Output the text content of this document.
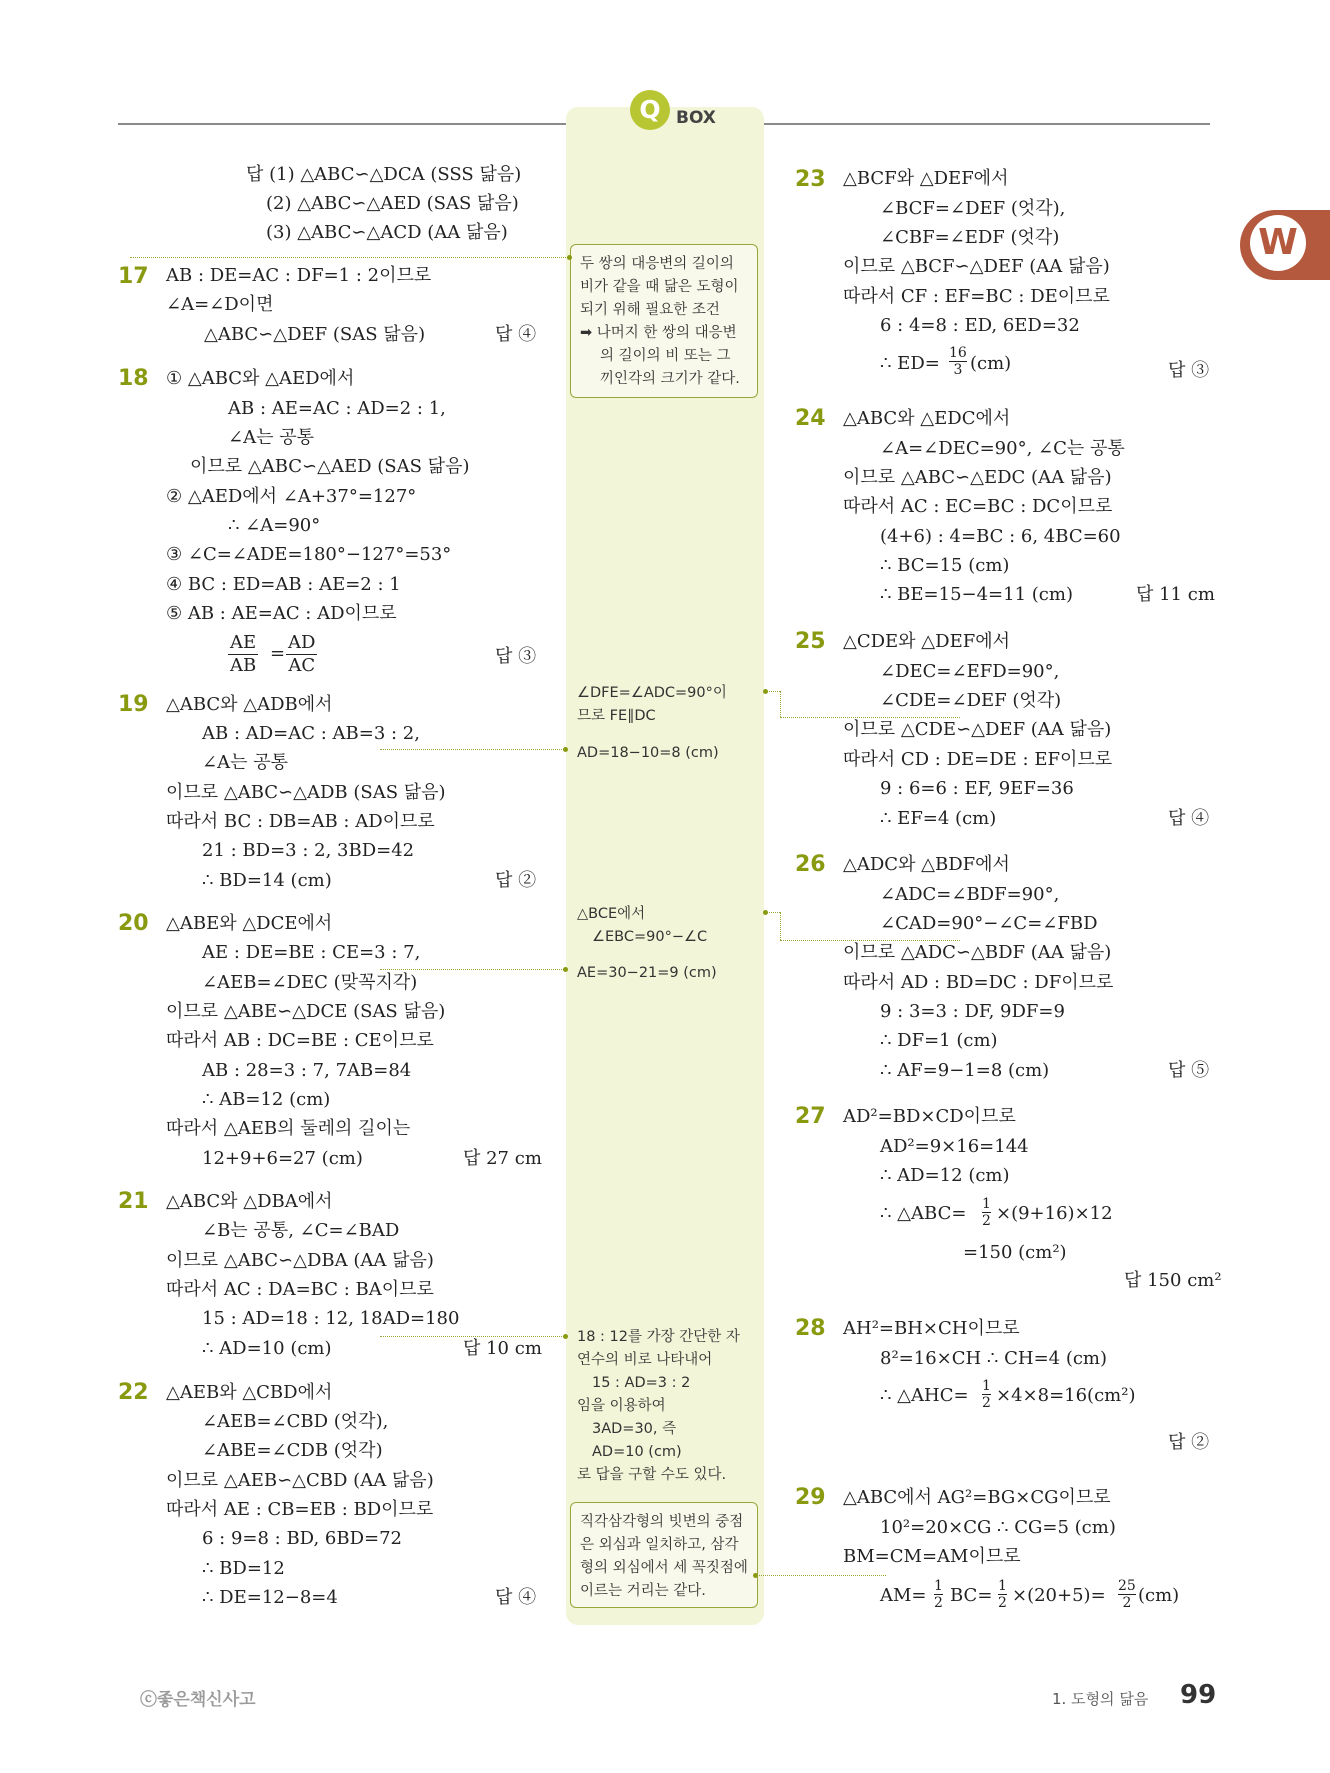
Q BOX
W
답 (1) △ABC∽△DCA (SSS 닮음)
(2) △ABC∽△AED (SAS 닮음)
(3) △ABC∽△ACD (AA 닮음)
AB : DE=AC : DF=1 : 2이므로
∠A=∠D이면
△ABC∽△DEF (SAS 닮음)
① △ABC와 △AED에서
AB : AE=AC : AD=2 : 1,
∠A는 공통
이므로 △ABC∽△AED (SAS 닮음)
② △AED에서 ∠A+37°=127°
∴ ∠A=90°
③ ∠C=∠ADE=180°−127°=53°
④ BC : ED=AB : AE=2 : 1
⑤ AB : AE=AC : AD이므로
△ABC와 △ADB에서
AB : AD=AC : AB=3 : 2,
∠A는 공통
이므로 △ABC∽△ADB (SAS 닮음)
따라서 BC : DB=AB : AD이므로
21 : BD=3 : 2, 3BD=42
∴ BD=14 (cm)
△ABE와 △DCE에서
AE : DE=BE : CE=3 : 7,
∠AEB=∠DEC (맞꼭지각)
이므로 △ABE∽△DCE (SAS 닮음)
따라서 AB : DC=BE : CE이므로
AB : 28=3 : 7, 7AB=84
∴ AB=12 (cm)
따라서 △AEB의 둘레의 길이는
12+9+6=27 (cm)
△ABC와 △DBA에서
∠B는 공통, ∠C=∠BAD
이므로 △ABC∽△DBA (AA 닮음)
따라서 AC : DA=BC : BA이므로
15 : AD=18 : 12, 18AD=180
∴ AD=10 (cm)
△AEB와 △CBD에서
∠AEB=∠CBD (엇각),
∠ABE=∠CDB (엇각)
이므로 △AEB∽△CBD (AA 닮음)
따라서 AE : CB=EB : BD이므로
6 : 9=8 : BD, 6BD=72
∴ BD=12
∴ DE=12−8=4
답 ④
답 ③
답 ②
답 27 cm
답 10 cm
답 ④
17
18
19
20
21
22
23
24
25
26
27
28
29
△BCF와 △DEF에서
∠BCF=∠DEF (엇각),
∠CBF=∠EDF (엇각)
이므로 △BCF∽△DEF (AA 닮음)
따라서 CF : EF=BC : DE이므로
6 : 4=8 : ED, 6ED=32
△ABC와 △EDC에서
∠A=∠DEC=90°, ∠C는 공통
이므로 △ABC∽△EDC (AA 닮음)
따라서 AC : EC=BC : DC이므로
(4+6) : 4=BC : 6, 4BC=60
∴ BC=15 (cm)
∴ BE=15−4=11 (cm)
△CDE와 △DEF에서
∠DEC=∠EFD=90°,
∠CDE=∠DEF (엇각)
이므로 △CDE∽△DEF (AA 닮음)
따라서 CD : DE=DE : EF이므로
9 : 6=6 : EF, 9EF=36
∴ EF=4 (cm)
△ADC와 △BDF에서
∠ADC=∠BDF=90°,
∠CAD=90°−∠C=∠FBD
이므로 △ADC∽△BDF (AA 닮음)
따라서 AD : BD=DC : DF이므로
9 : 3=3 : DF, 9DF=9
∴ DF=1 (cm)
∴ AF=9−1=8 (cm)
AD²=BD×CD이므로
AD²=9×16=144
∴ AD=12 (cm)
=150 (cm²)
AH²=BH×CH이므로
8²=16×CH ∴ CH=4 (cm)
△ABC에서 AG²=BG×CG이므로
10²=20×CG ∴ CG=5 (cm)
BM=CM=AM이므로
답 ③
답 11 cm
답 ④
답 ⑤
답 150 cm²
답 ②
두 쌍의 대응변의 길이의
비가 같을 때 닮은 도형이
되기 위해 필요한 조건
➡ 나머지 한 쌍의 대응변
의 길이의 비 또는 그
끼인각의 크기가 같다.
∠DFE=∠ADC=90°이
므로 FE∥DC
AD=18−10=8 (cm)
△BCE에서
∠EBC=90°−∠C
AE=30−21=9 (cm)
18 : 12를 가장 간단한 자
연수의 비로 나타내어
15 : AD=3 : 2
임을 이용하여
3AD=30, 즉
AD=10 (cm)
로 답을 구할 수도 있다.
직각삼각형의 빗변의 중점
은 외심과 일치하고, 삼각
형의 외심에서 세 꼭짓점에
이르는 거리는 같다.
$\frac{AE}{AB} = \frac{AD}{AC}$
∴ $ED= \frac{16}{3} (cm)$
∴ △ABC= $\frac{1}{2} \times(9+16)\times 12$
∴ △AHC= $\frac{1}{2} \times 4\times 8=16(cm^2)$
$AM= \frac{1}{2} BC= \frac{1}{2} \times(20+5)= \frac{25}{2} (cm)$
ⓒ좋은책신사고	1. 도형의 닮음 99
